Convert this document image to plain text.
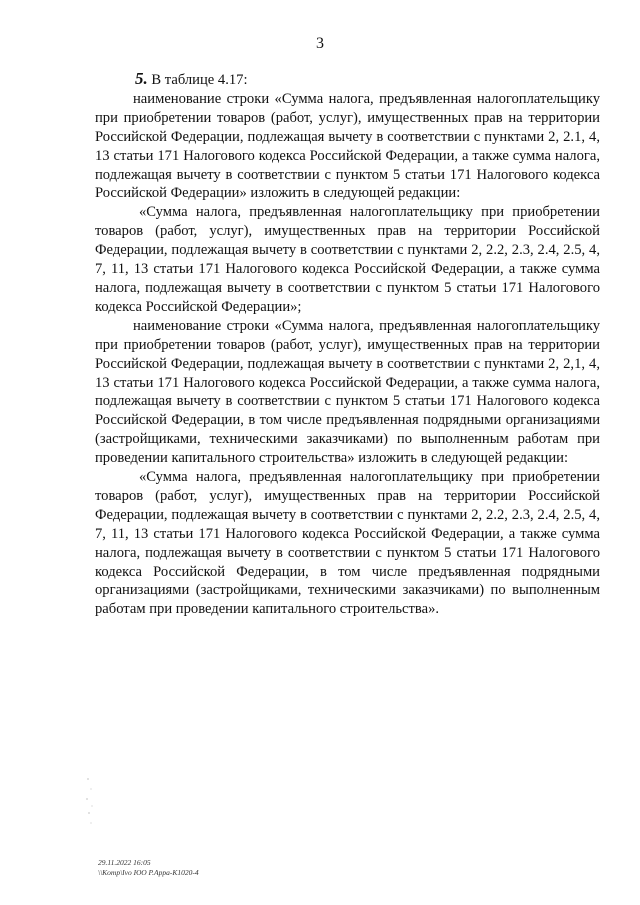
3

5. В таблице 4.17:

наименование строки «Сумма налога, предъявленная налогоплательщику при приобретении товаров (работ, услуг), имущественных прав на территории Российской Федерации, подлежащая вычету в соответствии с пунктами 2, 2.1, 4, 13 статьи 171 Налогового кодекса Российской Федерации, а также сумма налога, подлежащая вычету в соответствии с пунктом 5 статьи 171 Налогового кодекса Российской Федерации» изложить в следующей редакции:

«Сумма налога, предъявленная налогоплательщику при приобретении товаров (работ, услуг), имущественных прав на территории Российской Федерации, подлежащая вычету в соответствии с пунктами 2, 2.2, 2.3, 2.4, 2.5, 4, 7, 11, 13 статьи 171 Налогового кодекса Российской Федерации, а также сумма налога, подлежащая вычету в соответствии с пунктом 5 статьи 171 Налогового кодекса Российской Федерации»;

наименование строки «Сумма налога, предъявленная налогоплательщику при приобретении товаров (работ, услуг), имущественных прав на территории Российской Федерации, подлежащая вычету в соответствии с пунктами 2, 2,1, 4, 13 статьи 171 Налогового кодекса Российской Федерации, а также сумма налога, подлежащая вычету в соответствии с пунктом 5 статьи 171 Налогового кодекса Российской Федерации, в том числе предъявленная подрядными организациями (застройщиками, техническими заказчиками) по выполненным работам при проведении капитального строительства» изложить в следующей редакции:

«Сумма налога, предъявленная налогоплательщику при приобретении товаров (работ, услуг), имущественных прав на территории Российской Федерации, подлежащая вычету в соответствии с пунктами 2, 2.2, 2.3, 2.4, 2.5, 4, 7, 11, 13 статьи 171 Налогового кодекса Российской Федерации, а также сумма налога, подлежащая вычету в соответствии с пунктом 5 статьи 171 Налогового кодекса Российской Федерации, в том числе предъявленная подрядными организациями (застройщиками, техническими заказчиками) по выполненным работам при проведении капитального строительства».

29.11.2022 16:05
\\Komp\Ivo ЮО P.Appa-K1020-4
